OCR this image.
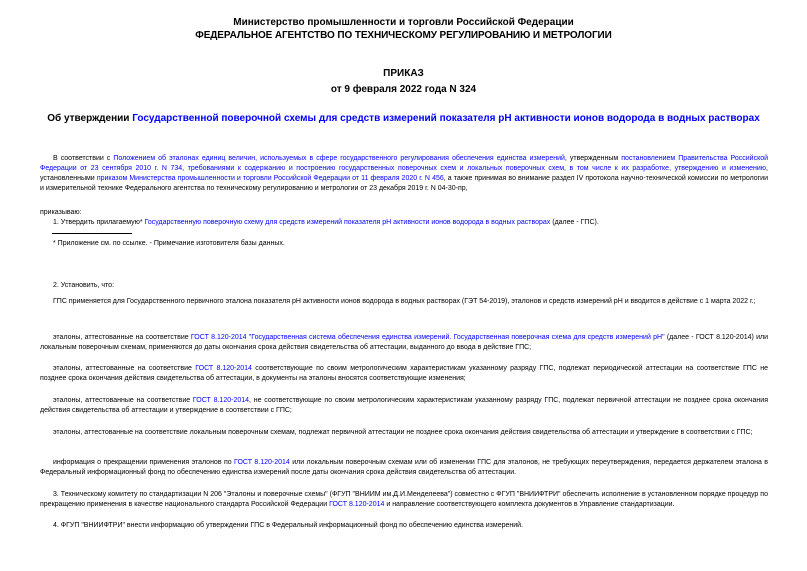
Министерство промышленности и торговли Российской Федерации
ФЕДЕРАЛЬНОЕ АГЕНТСТВО ПО ТЕХНИЧЕСКОМУ РЕГУЛИРОВАНИЮ И МЕТРОЛОГИИ
ПРИКАЗ
от 9 февраля 2022 года N 324
Об утверждении Государственной поверочной схемы для средств измерений показателя pH активности ионов водорода в водных растворах
В соответствии с Положением об эталонах единиц величин, используемых в сфере государственного регулирования обеспечения единства измерений, утвержденным постановлением Правительства Российской Федерации от 23 сентября 2010 г. N 734, требованиями к содержанию и построению государственных поверочных схем и локальных поверочных схем, в том числе к их разработке, утверждению и изменению, установленными приказом Министерства промышленности и торговли Российской Федерации от 11 февраля 2020 г. N 456, а также принимая во внимание раздел IV протокола научно-технической комиссии по метрологии и измерительной технике Федерального агентства по техническому регулированию и метрологии от 23 декабря 2019 г. N 04-30-пр,
приказываю:
1. Утвердить прилагаемую* Государственную поверочную схему для средств измерений показателя pH активности ионов водорода в водных растворах (далее - ГПС).
* Приложение см. по ссылке. - Примечание изготовителя базы данных.
2. Установить, что:
ГПС применяется для Государственного первичного эталона показателя pH активности ионов водорода в водных растворах (ГЭТ 54-2019), эталонов и средств измерений pH и вводится в действие с 1 марта 2022 г.;
эталоны, аттестованные на соответствие ГОСТ 8.120-2014 "Государственная система обеспечения единства измерений. Государственная поверочная схема для средств измерений pH" (далее - ГОСТ 8.120-2014) или локальным поверочным схемам, применяются до даты окончания срока действия свидетельства об аттестации, выданного до ввода в действие ГПС;
эталоны, аттестованные на соответствие ГОСТ 8.120-2014 соответствующие по своим метрологическим характеристикам указанному разряду ГПС, подлежат периодической аттестации на соответствие ГПС не позднее срока окончания действия свидетельства об аттестации, в документы на эталоны вносятся соответствующие изменения;
эталоны, аттестованные на соответствие ГОСТ 8.120-2014, не соответствующие по своим метрологическим характеристикам указанному разряду ГПС, подлежат первичной аттестации не позднее срока окончания действия свидетельства об аттестации и утверждение в соответствии с ГПС;
эталоны, аттестованные на соответствие локальным поверочным схемам, подлежат первичной аттестации не позднее срока окончания действия свидетельства об аттестации и утверждение в соответствии с ГПС;
информация о прекращении применения эталонов по ГОСТ 8.120-2014 или локальным поверочным схемам или об изменении ГПС для эталонов, не требующих переутверждения, передается держателем эталона в Федеральный информационный фонд по обеспечению единства измерений после даты окончания срока действия свидетельства об аттестации.
3. Техническому комитету по стандартизации N 206 "Эталоны и поверочные схемы" (ФГУП "ВНИИМ им.Д.И.Менделеева") совместно с ФГУП "ВНИИФТРИ" обеспечить исполнение в установленном порядке процедур по прекращению применения в качестве национального стандарта Российской Федерации ГОСТ 8.120-2014 и направление соответствующего комплекта документов в Управление стандартизации.
4. ФГУП "ВНИИФТРИ" внести информацию об утверждении ГПС в Федеральный информационный фонд по обеспечению единства измерений.
